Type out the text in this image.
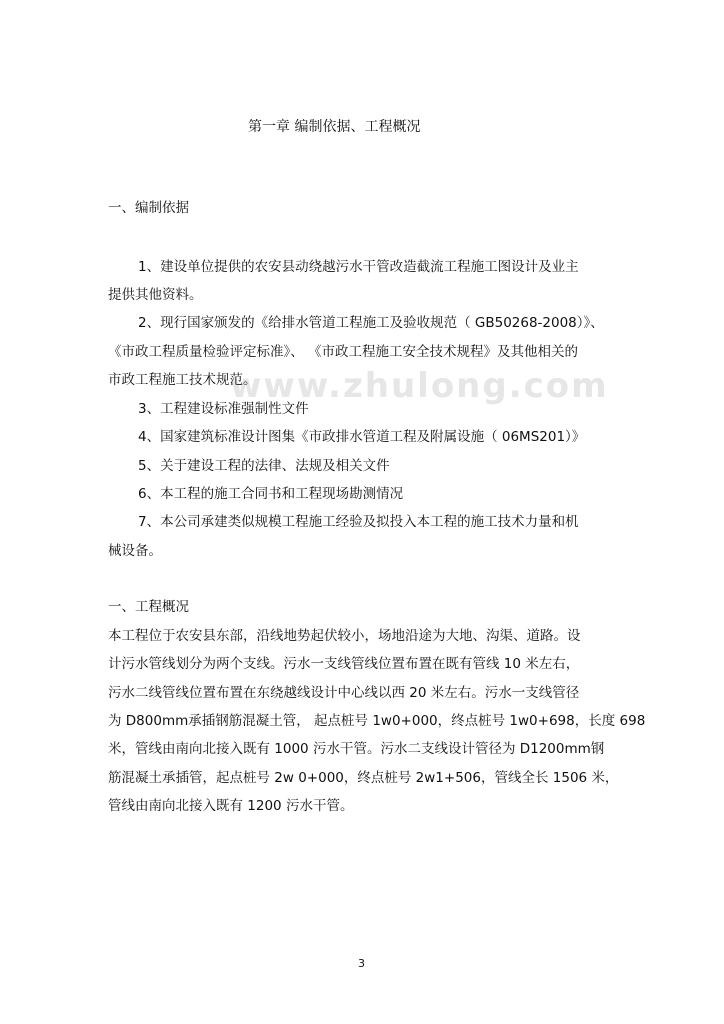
www.zhulong.com
第一章 编制依据、工程概况
一、编制依据
1、建设单位提供的农安县动绕越污水干管改造截流工程施工图设计及业主
提供其他资料。
2、现行国家颁发的《给排水管道工程施工及验收规范（ GB50268-2008）》、
《市政工程质量检验评定标准》、 《市政工程施工安全技术规程》及其他相关的
市政工程施工技术规范。
3、工程建设标准强制性文件
4、国家建筑标准设计图集《市政排水管道工程及附属设施（ 06MS201）》
5、关于建设工程的法律、法规及相关文件
6、本工程的施工合同书和工程现场勘测情况
7、本公司承建类似规模工程施工经验及拟投入本工程的施工技术力量和机
械设备。
一、工程概况
本工程位于农安县东部，沿线地势起伏较小，场地沿途为大地、沟渠、道路。设
计污水管线划分为两个支线。污水一支线管线位置布置在既有管线 10 米左右，
污水二线管线位置布置在东绕越线设计中心线以西 20 米左右。污水一支线管径
为 D800mm承插钢筋混凝土管， 起点桩号 1w0+000，终点桩号 1w0+698，长度 698
米，管线由南向北接入既有 1000 污水干管。污水二支线设计管径为 D1200mm钢
筋混凝土承插管，起点桩号 2w 0+000，终点桩号 2w1+506，管线全长 1506 米，
管线由南向北接入既有 1200 污水干管。
3
